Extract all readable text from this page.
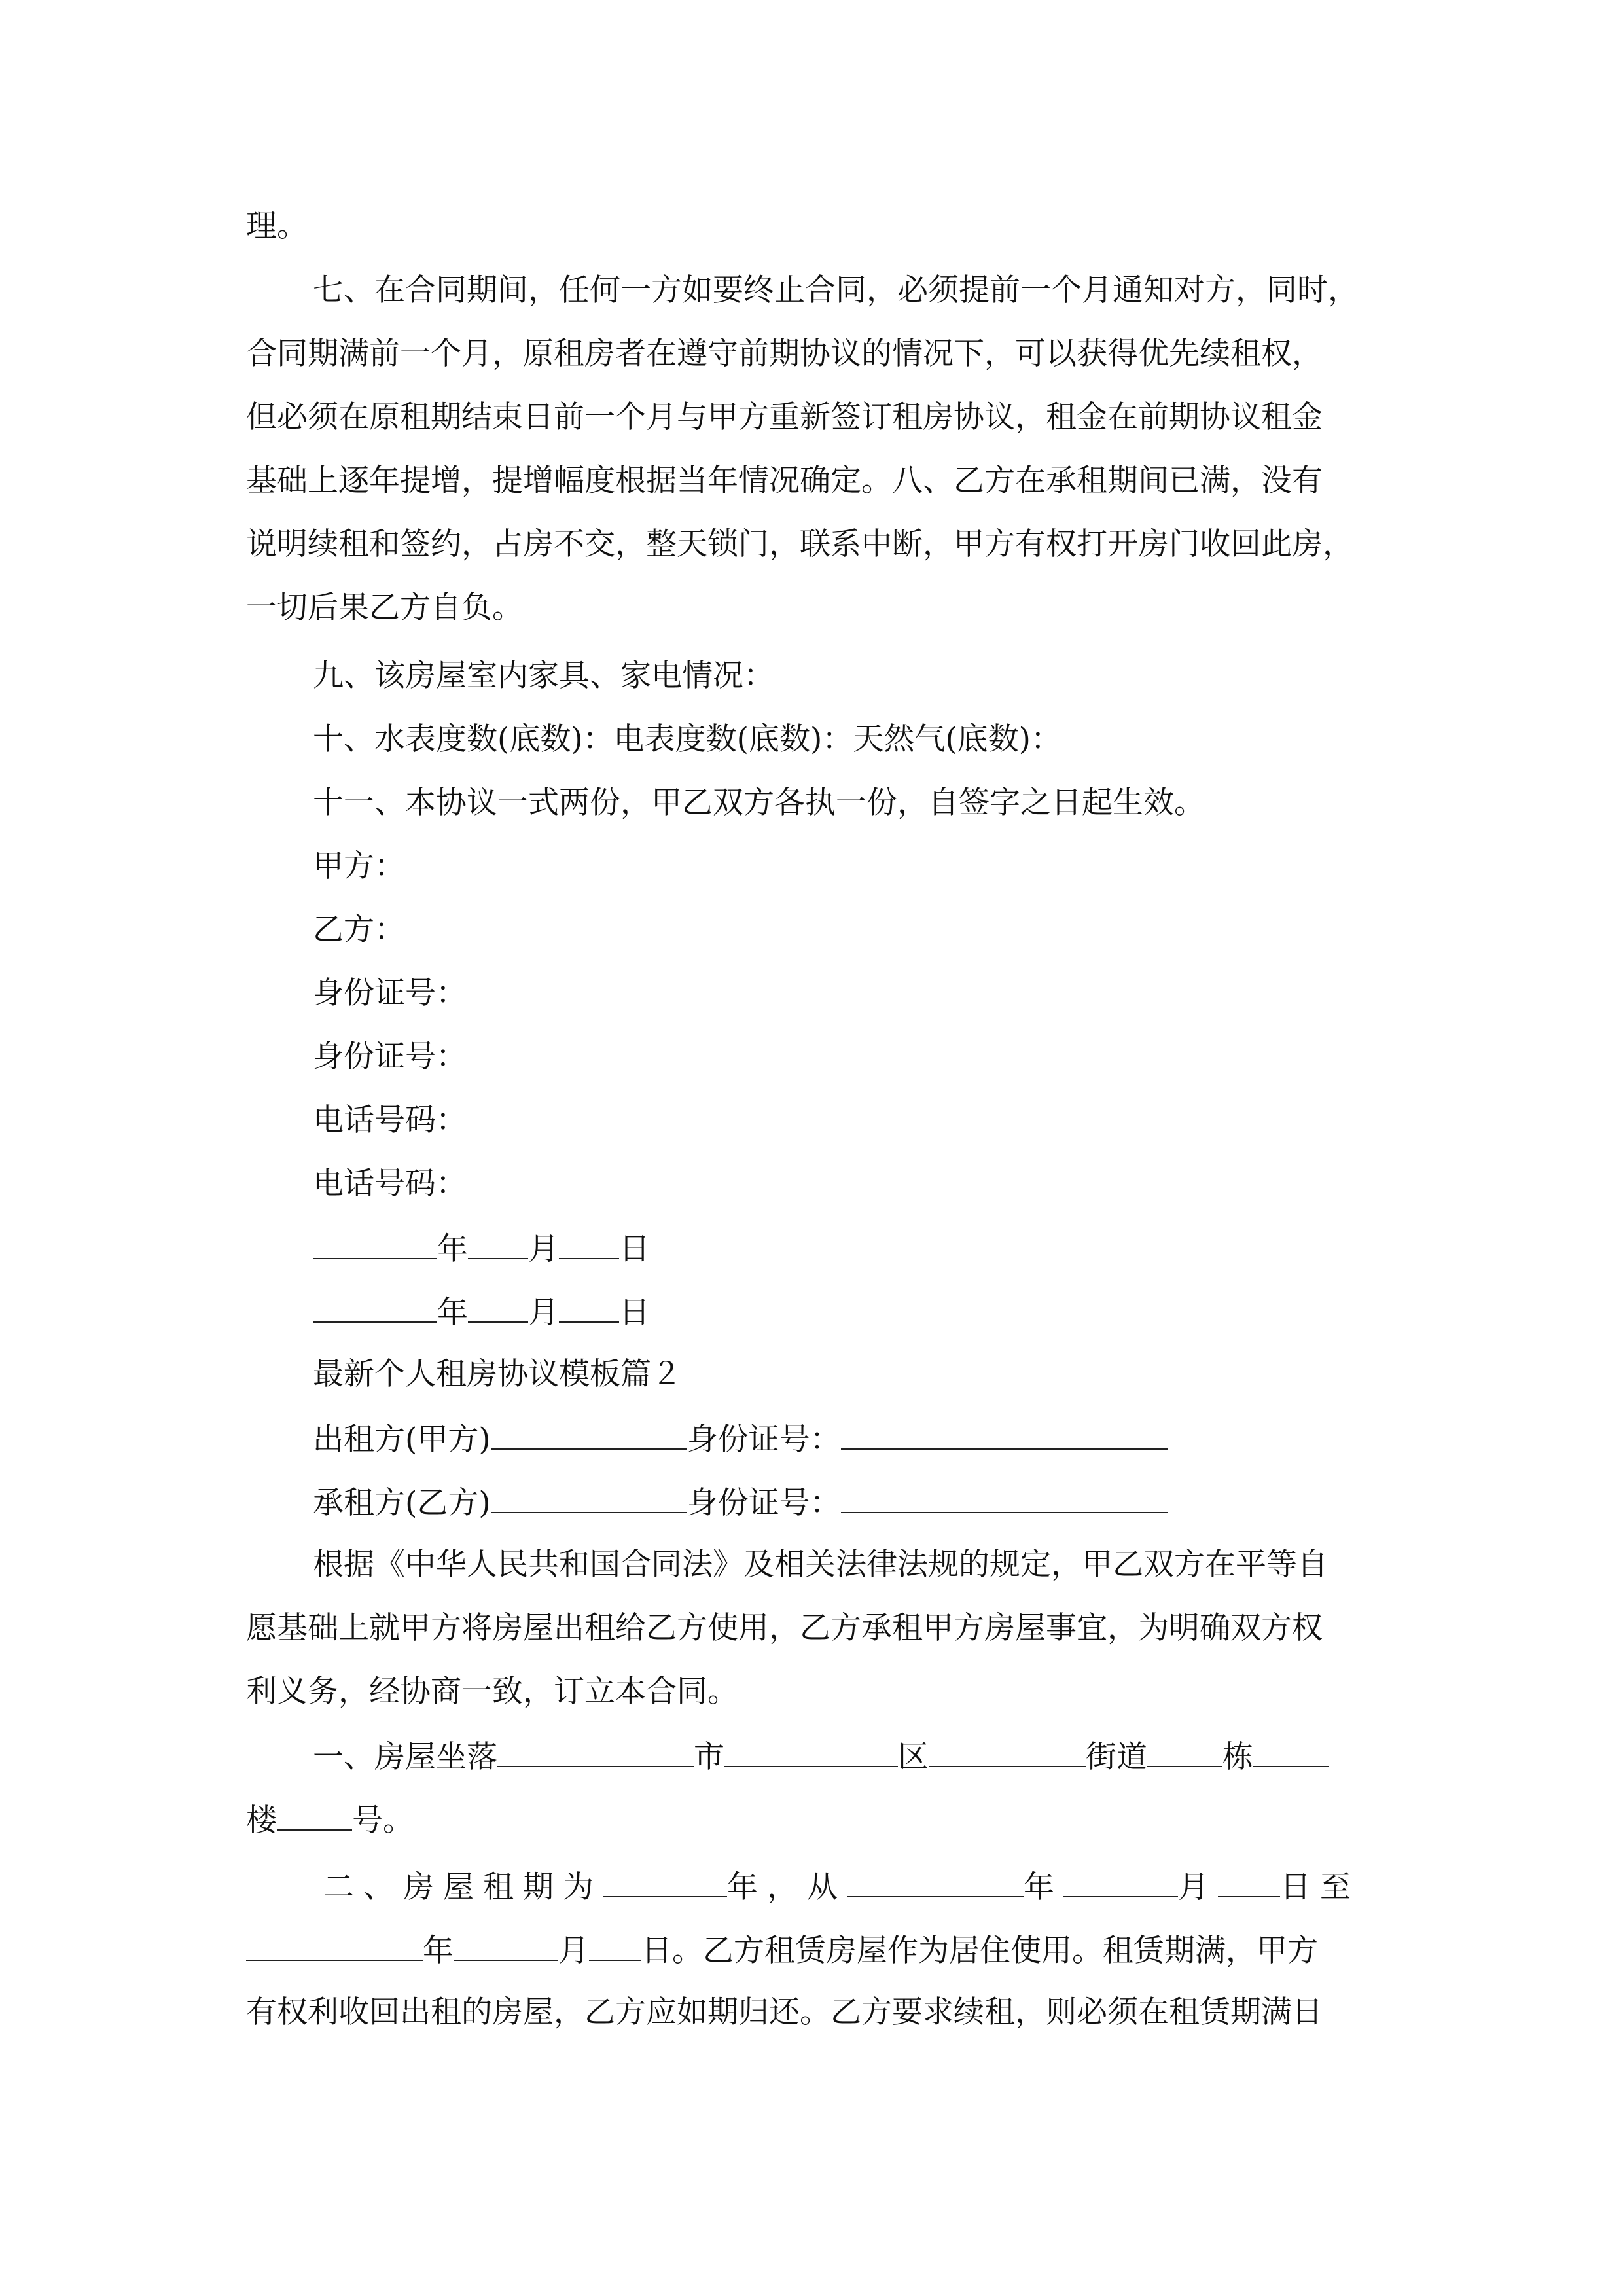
理。

七、在合同期间，任何一方如要终止合同，必须提前一个月通知对方，同时，

合同期满前一个月，原租房者在遵守前期协议的情况下，可以获得优先续租权，

但必须在原租期结束日前一个月与甲方重新签订租房协议，租金在前期协议租金

基础上逐年提增，提增幅度根据当年情况确定。八、乙方在承租期间已满，没有

说明续租和签约，占房不交，整天锁门，联系中断，甲方有权打开房门收回此房，

一切后果乙方自负。

九、该房屋室内家具、家电情况：

十、水表度数(底数)：电表度数(底数)：天然气(底数)：

十一、本协议一式两份，甲乙双方各执一份，自签字之日起生效。

甲方：

乙方：

身份证号：

身份证号：

电话号码：

电话号码：

年 月 日

年 月 日

最新个人租房协议模板篇２

出租方(甲方)	身份证号：

承租方(乙方)	身份证号：

根据《中华人民共和国合同法》及相关法律法规的规定，甲乙双方在平等自

愿基础上就甲方将房屋出租给乙方使用，乙方承租甲方房屋事宜，为明确双方权

利义务，经协商一致，订立本合同。

一、房屋坐落	市	区	街道 栋

楼 号。

二、房屋租期为	年，从	年	月 日至

年	月 日。乙方租赁房屋作为居住使用。租赁期满，甲方

有权利收回出租的房屋，乙方应如期归还。乙方要求续租，则必须在租赁期满日
